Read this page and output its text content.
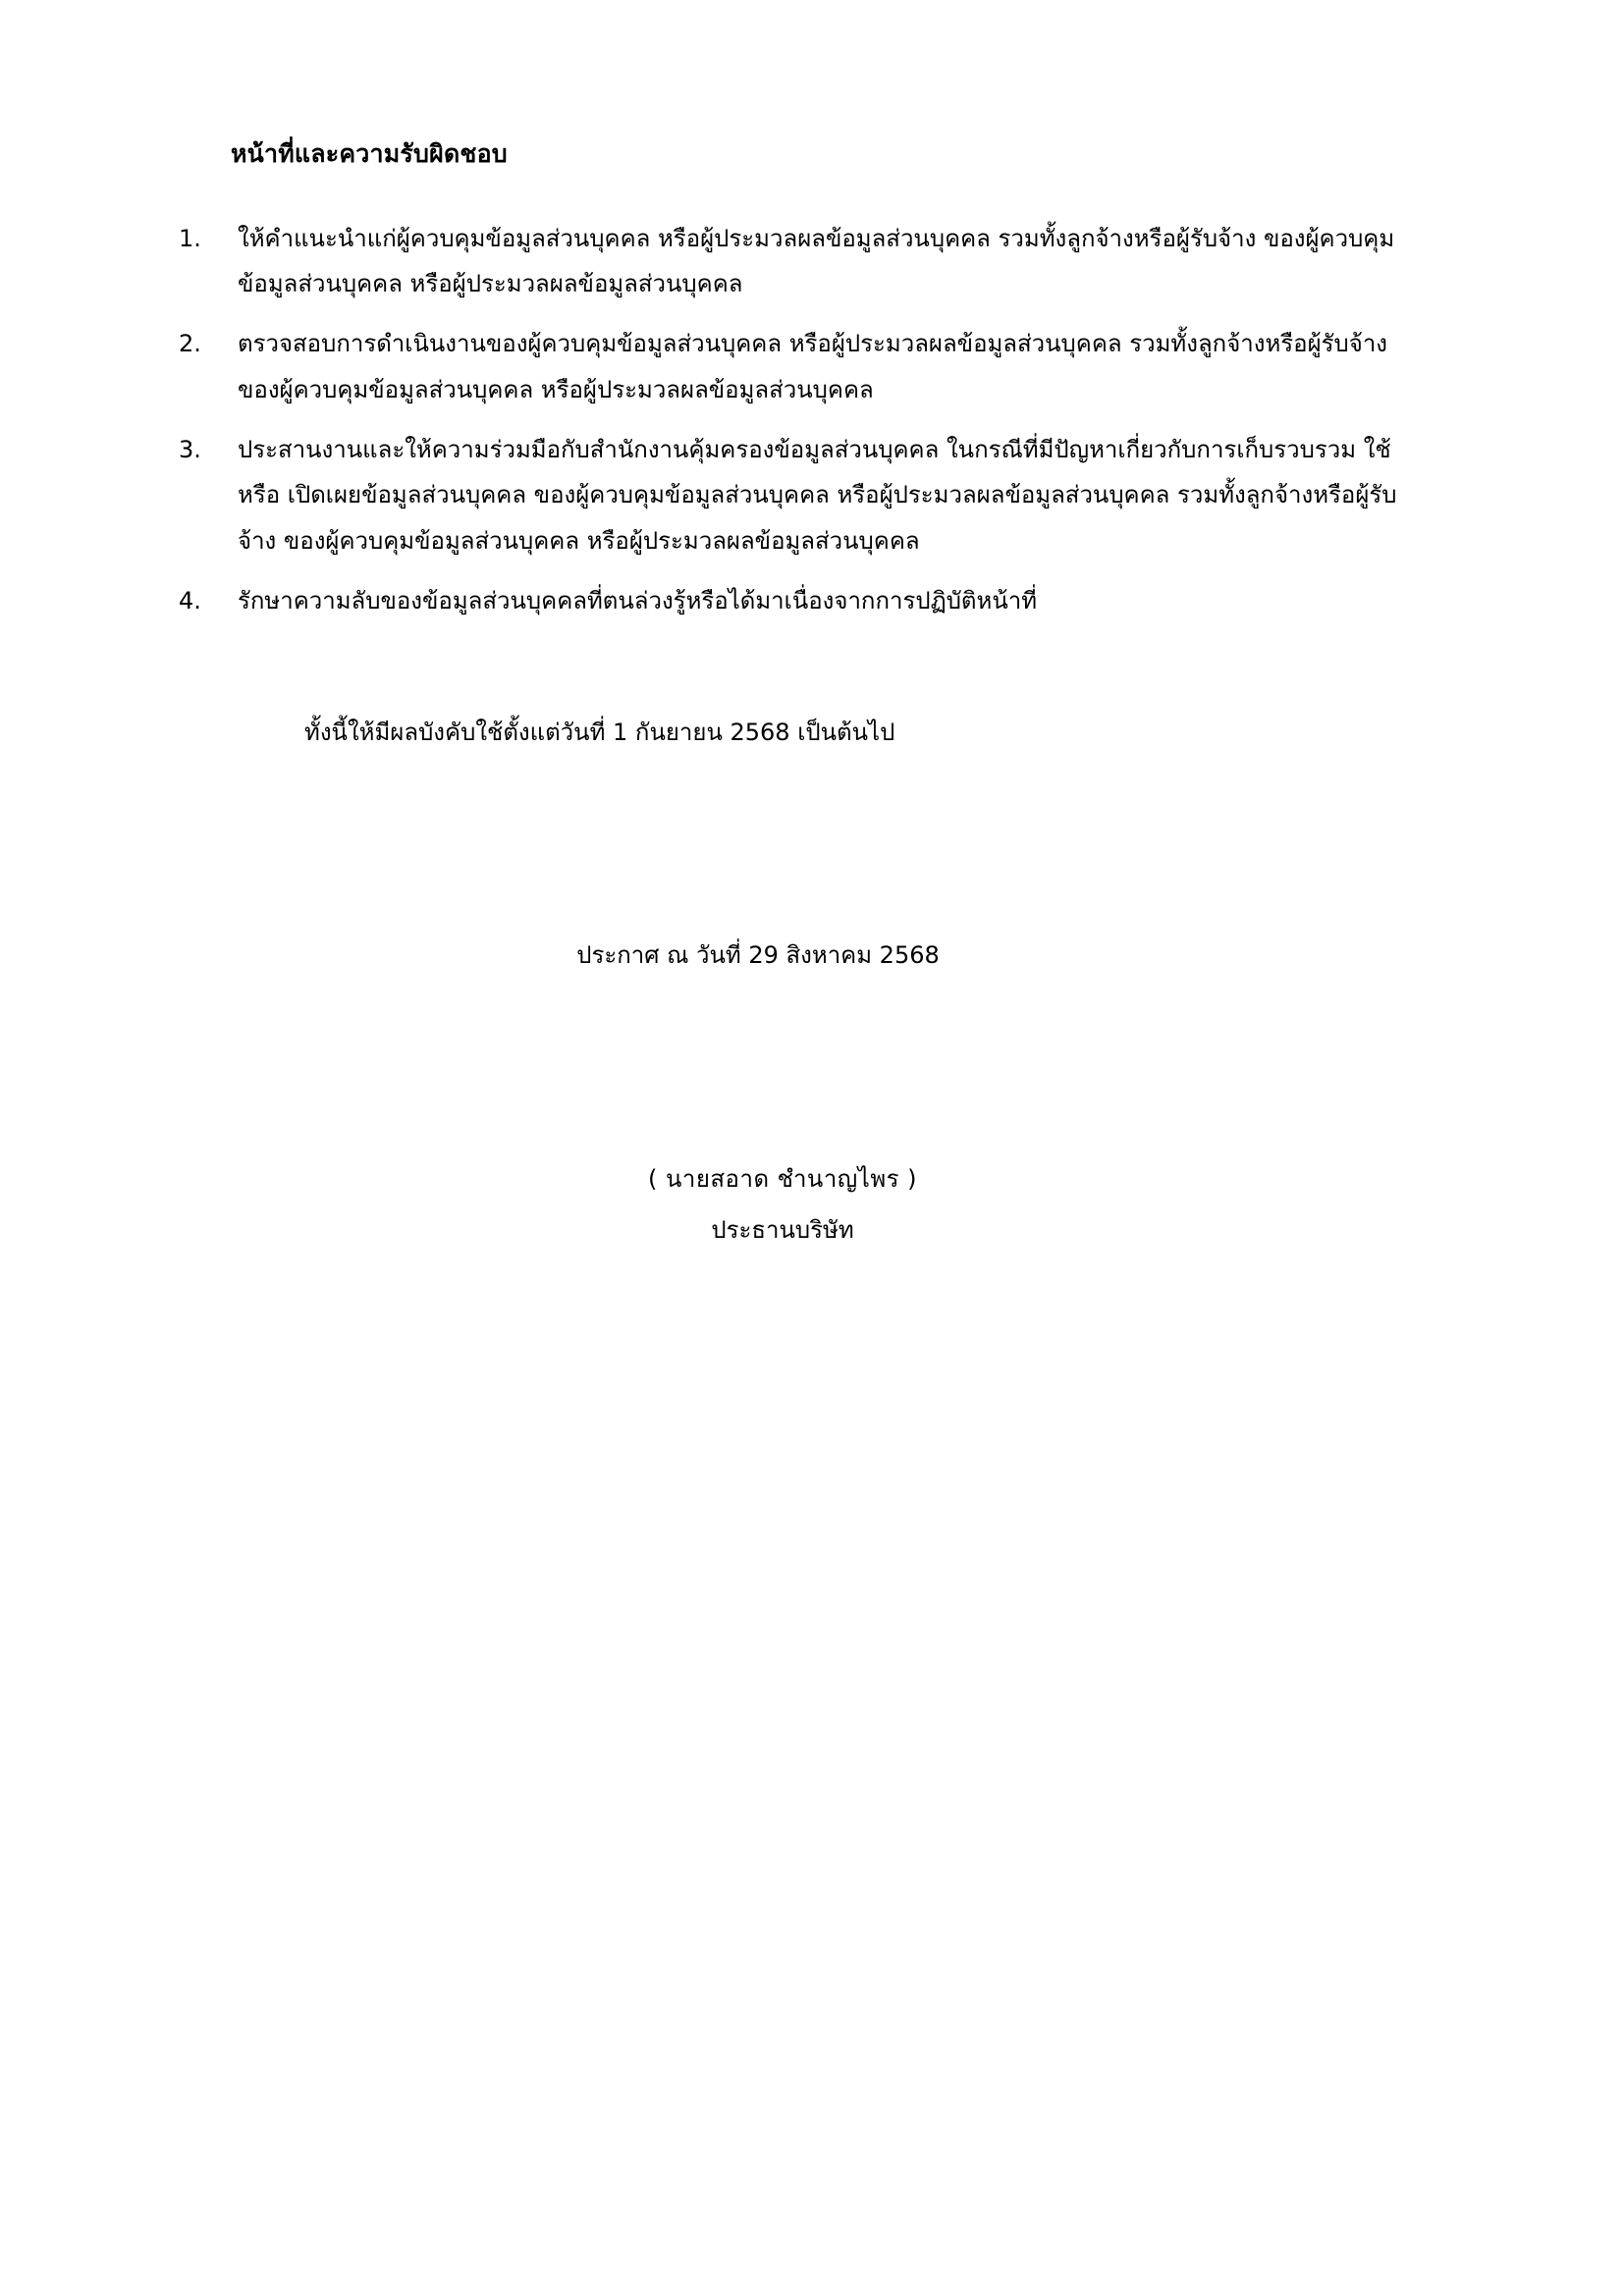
หน้าที่และความรับผิดชอบ
1.	ให้คำแนะนำแก่ผู้ควบคุมข้อมูลส่วนบุคคล หรือผู้ประมวลผลข้อมูลส่วนบุคคล รวมทั้งลูกจ้างหรือผู้รับจ้าง ของผู้ควบคุมข้อมูลส่วนบุคคล หรือผู้ประมวลผลข้อมูลส่วนบุคคล
2.	ตรวจสอบการดำเนินงานของผู้ควบคุมข้อมูลส่วนบุคคล หรือผู้ประมวลผลข้อมูลส่วนบุคคล รวมทั้งลูกจ้างหรือผู้รับจ้าง ของผู้ควบคุมข้อมูลส่วนบุคคล หรือผู้ประมวลผลข้อมูลส่วนบุคคล
3.	ประสานงานและให้ความร่วมมือกับสำนักงานคุ้มครองข้อมูลส่วนบุคคล ในกรณีที่มีปัญหาเกี่ยวกับการเก็บรวบรวม ใช้ หรือ เปิดเผยข้อมูลส่วนบุคคล ของผู้ควบคุมข้อมูลส่วนบุคคล หรือผู้ประมวลผลข้อมูลส่วนบุคคล รวมทั้งลูกจ้างหรือผู้รับจ้าง ของผู้ควบคุมข้อมูลส่วนบุคคล หรือผู้ประมวลผลข้อมูลส่วนบุคคล
4.	รักษาความลับของข้อมูลส่วนบุคคลที่ตนล่วงรู้หรือได้มาเนื่องจากการปฏิบัติหน้าที่

ทั้งนี้ให้มีผลบังคับใช้ตั้งแต่วันที่ 1 กันยายน 2568 เป็นต้นไป

ประกาศ ณ วันที่ 29 สิงหาคม 2568

( นายสอาด ชำนาญไพร )
ประธานบริษัท
